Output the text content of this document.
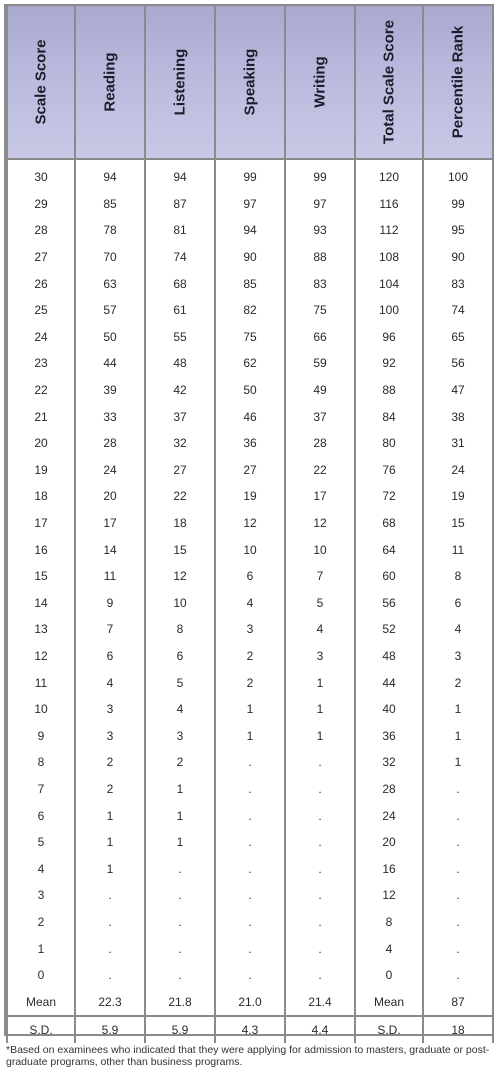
Scale Score	Reading	Listening	Speaking	Writing	Total Scale Score	Percentile Rank

30	94	94	99	99	120	100
29	85	87	97	97	116	99
28	78	81	94	93	112	95
27	70	74	90	88	108	90
26	63	68	85	83	104	83
25	57	61	82	75	100	74
24	50	55	75	66	96	65
23	44	48	62	59	92	56
22	39	42	50	49	88	47
21	33	37	46	37	84	38
20	28	32	36	28	80	31
19	24	27	27	22	76	24
18	20	22	19	17	72	19
17	17	18	12	12	68	15
16	14	15	10	10	64	11
15	11	12	6	7	60	8
14	9	10	4	5	56	6
13	7	8	3	4	52	4
12	6	6	2	3	48	3
11	4	5	2	1	44	2
10	3	4	1	1	40	1
9	3	3	1	1	36	1
8	2	2	.	.	32	1
7	2	1	.	.	28	.
6	1	1	.	.	24	.
5	1	1	.	.	20	.
4	1	.	.	.	16	.
3	.	.	.	.	12	.
2	.	.	.	.	8	.
1	.	.	.	.	4	.
0	.	.	.	.	0	.
Mean	22.3	21.8	21.0	21.4	Mean	87
S.D.	5.9	5.9	4.3	4.4	S.D.	18
*Based on examinees who indicated that they were applying for admission to masters, graduate or post-graduate programs, other than business programs.
